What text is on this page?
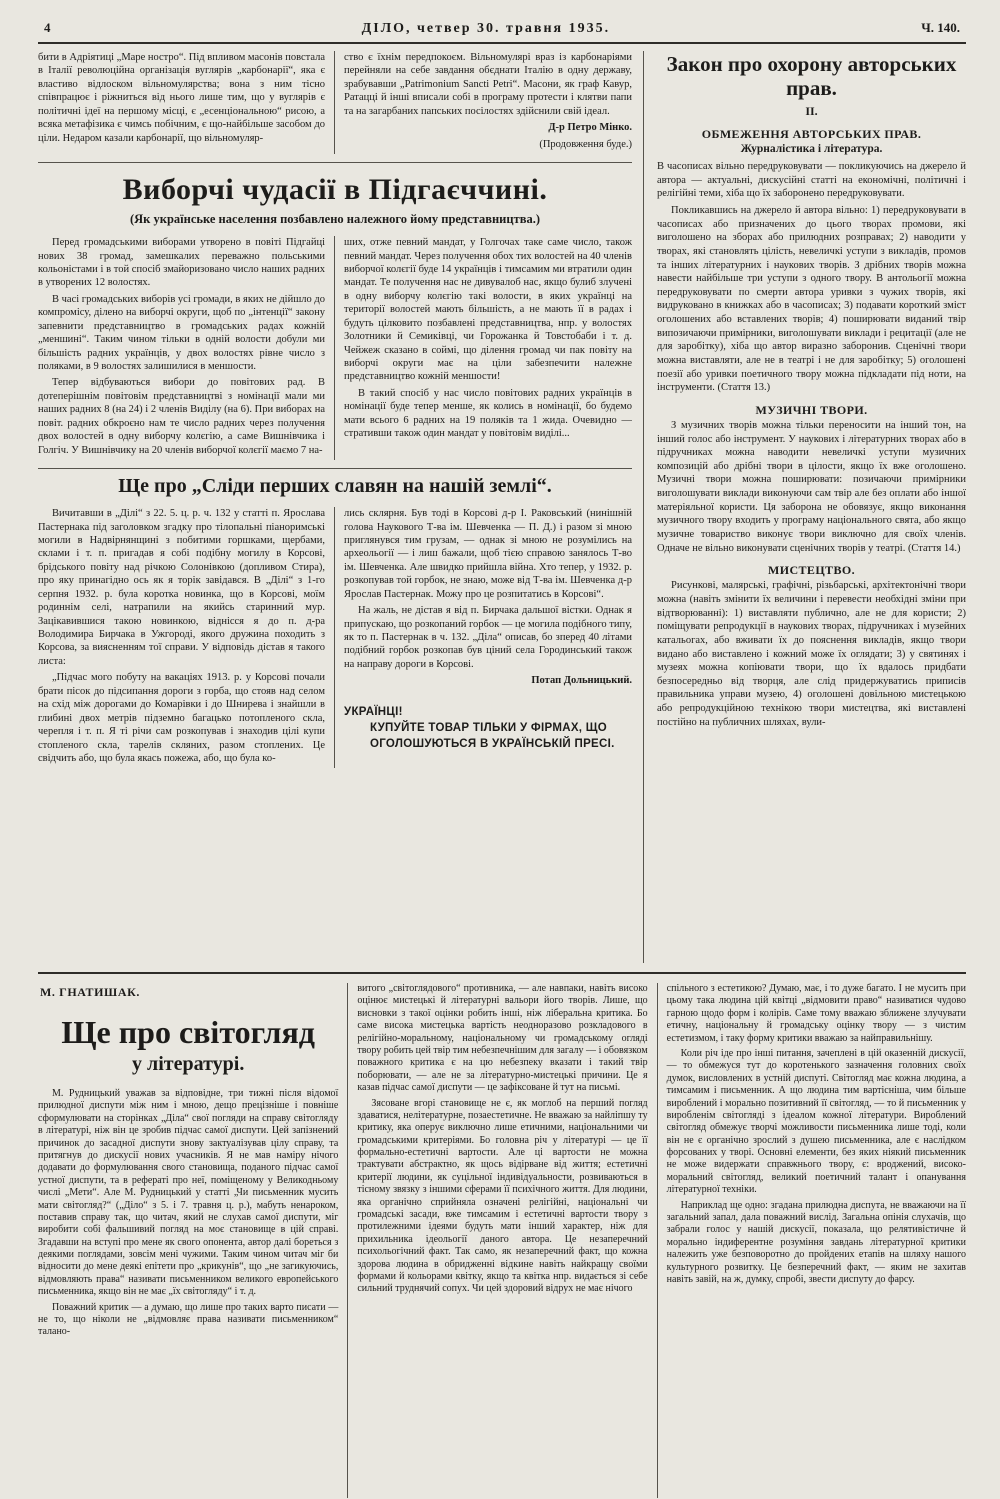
4	ДІЛО, четвер 30. травня 1935.	Ч. 140.

бити в Адріятиці „Маре ностро“. Під впливом масонів повстала в Італії революційна організація вуглярів „карбонарії“, яка є властиво відлоском вільномулярства; вона з ним тісно співпрацює і ріжниться від нього лише тим, що у вуглярів є політичні ідеї на першому місці, є „есенціональною“ рисою, а всяка метафізика є чимсь побічним, є що-найбільше засобом до ціли. Недаром казали карбонарії, що вільномуляр-

ство є їхнім передпокоєм. Вільномулярі враз із карбонаріями перейняли на себе завдання обєднати Італію в одну державу, зрабувавши „Patrimonium Sancti Petri“. Масони, як граф Кавур, Ратацці й інші вписали собі в програму протести і клятви папи та на загарбаних папських посілостях здійснили свій ідеал.

Д-р Петро Мінко.

(Продовження буде.)

Виборчі чудасії в Підгаєччині.
(Як українське населення позбавлено належного йому представництва.)

Перед громадськими виборами утворено в повіті Підгайці нових 38 громад, замешкалих переважно польськими кольоністами і в той спосіб змайоризовано число наших радних в утворених 12 волостях.

В часі громадських виборів усі громади, в яких не дійшло до компромісу, ділено на виборчі округи, щоб по „інтенції“ закону запевнити представництво в громадських радах кожній „меншині“. Таким чином тільки в одній волости добули ми більшість радних українців, у двох волостях рівне число з поляками, в 9 волостях залишилися в меншости.

Тепер відбуваються вибори до повітових рад. В дотеперішнім повітовім представництві з номінації мали ми наших радних 8 (на 24) і 2 членів Виділу (на 6). При виборах на повіт. радних обкроєно нам те число радних через получення двох волостей в одну виборчу колєгію, а саме Вишнівчика і Голгіч. У Вишнівчику на 20 членів виборчої колєгії маємо 7 на-

ших, отже певний мандат, у Голгочах таке саме число, також певний мандат. Через получення обох тих волостей на 40 членів виборчої колєгії буде 14 українців і тимсамим ми втратили один мандат. Те получення нас не дивувалоб нас, якщо булиб злучені в одну виборчу колєгію такі волости, в яких українці на території волостей мають більшість, а не мають її в радах і будуть цілковито позбавлені представництва, нпр. у волостях Золотники й Семиківці, чи Горожанка й Товстобаби і т. д. Чейжеж сказано в соймі, що ділення громад чи пак повіту на виборчі округи має на ціли забезпечити належне представництво кожній меншости!

В такий спосіб у нас число повітових радних українців в номінації буде тепер менше, як колись в номінації, бо будемо мати всього 6 радних на 19 поляків та 1 жида. Очевидно — стративши також один мандат у повітовім виділі...

Ще про „Сліди перших славян на нашій землі“.

Вичитавши в „Ділі“ з 22. 5. ц. р. ч. 132 у статті п. Ярослава Пастернака під заголовком згадку про тілопальні піаноримські могили в Надвірнянщині з побитими горшками, щербами, склами і т. п. пригадав я собі подібну могилу в Корсові, брідського повіту над річкою Солонівкою (допливом Стира), про яку принагідно ось як я торік завідався. В „Ділі“ з 1-го серпня 1932. р. була коротка новинка, що в Корсові, моїм родиннім селі, натрапили на якийсь старинний мур. Зацікавившися такою новинкою, віднісся я до п. д-ра Володимира Бирчака в Ужгороді, якого дружина походить з Корсова, за виясненням тої справи. У відповідь дістав я такого листа:

„Підчас мого побуту на вакаціях 1913. р. у Корсові почали брати пісок до підсипання дороги з горба, що стояв над селом на схід між дорогами до Комарівки і до Шнирева і знайшли в глибині двох метрів підземно багацько потопленого скла, черепля і т. п. Я ті річи сам розкопував і знаходив цілі купи стопленого скла, тарелів скляних, разом стоплених. Це свідчить або, що була якась пожежа, або, що була ко-

лись склярня. Був тоді в Корсові д-р І. Раковський (нинішній голова Наукового Т-ва ім. Шевченка — П. Д.) і разом зі мною приглянувся тим грузам, — однак зі мною не розумілись на археольогії — і лиш бажали, щоб тією справою занялось Т-во ім. Шевченка. Але швидко прийшла війна. Хто тепер, у 1932. р. розкопував той горбок, не знаю, може від Т-ва ім. Шевченка д-р Ярослав Пастернак. Можу про це розпитатись в Корсові“.

На жаль, не дістав я від п. Бирчака дальшої вістки. Однак я припускаю, що розкопаний горбок — це могила подібного типу, як то п. Пастернак в ч. 132. „Діла“ описав, бо зперед 40 літами подібний горбок розкопав був ціний села Городинський також на направу дороги в Корсові.

Потап Дольницький.

УКРАЇНЦІ!
КУПУЙТЕ ТОВАР ТІЛЬКИ У ФІРМАХ, ЩО ОГОЛОШУЮТЬСЯ В УКРАЇНСЬКІЙ ПРЕСІ.
Закон про охорону авторських прав.
ІІ.
ОБМЕЖЕННЯ АВТОРСЬКИХ ПРАВ.
Журналістика і література.

В часописах вільно передруковувати — покликуючись на джерело й автора — актуальні, дискусійні статті на економічні, політичні і релігійні теми, хіба що їх заборонено передруковувати.

Покликавшись на джерело й автора вільно: 1) передруковувати в часописах або призначених до цього творах промови, які виголошено на зборах або прилюдних розправах; 2) наводити у творах, які становлять цілість, невеличкі уступи з викладів, промов та інших літературних і наукових творів. З дрібних творів можна навести найбільше три уступи з одного твору. В антольогії можна передруковувати по смерти автора уривки з чужих творів, які видруковано в книжках або в часописах; 3) подавати короткий зміст оголошених або вставлених творів; 4) поширювати виданий твір випозичаючи примірники, виголошувати виклади і рецитації (але не для заробітку), хіба що автор виразно заборонив. Сценічні твори можна виставляти, але не в театрі і не для заробітку; 5) оголошені поезії або уривки поетичного твору можна підкладати під ноти, на інструменти. (Стаття 13.)

МУЗИЧНІ ТВОРИ.

З музичних творів можна тільки переносити на інший тон, на інший голос або інструмент. У наукових і літературних творах або в підручниках можна наводити невеличкі уступи музичних композицій або дрібні твори в цілости, якщо їх вже оголошено. Музичні твори можна поширювати: позичаючи примірники виголошувати виклади виконуючи сам твір але без оплати або іншої матеріяльної користи. Ця заборона не обовязує, якщо виконання музичного твору входить у програму національного свята, або якщо музичне товариство виконує твори виключно для своїх членів. Одначе не вільно виконувати сценічних творів у театрі. (Стаття 14.)

МИСТЕЦТВО.

Рисункові, малярські, графічні, різьбарські, архітектонічні твори можна (навіть змінити їх величини і перевести необхідні зміни при відтворюванні): 1) виставляти публично, але не для користи; 2) поміщувати репродукції в наукових творах, підручниках і музейних катальогах, або вживати їх до пояснення викладів, якщо твори видано або виставлено і кожний може їх оглядати; 3) у святинях і музеях можна копіювати твори, що їх вдалось придбати безпосередньо від творця, але слід придержуватись приписів правильника управи музею, 4) оголошені довільною мистецькою або репродукційною технікою твори мистецтва, які виставлені постійно на публичних шляхах, вули-

М. ГНАТИШАК.
Ще про світогляд
у літературі.

М. Рудницький уважав за відповідне, три тижні після відомої прилюдної диспути між ним і мною, дещо прецізніше і повніше сформулювати на сторінках „Діла“ свої погляди на справу світогляду в літературі, ніж він це зробив підчас самої диспути. Цей запізнений причинок до засадної диспути знову зактуалізував цілу справу, та притягнув до дискусії нових учасників. Я не мав наміру нічого додавати до формулювання свого становища, поданого підчас самої устної диспути, та в рефераті про неї, поміщеному у Великодньому числі „Мети“. Але М. Рудницький у статті „Чи письменник мусить мати світогляд?“ („Діло“ з 5. і 7. травня ц. р.), мабуть ненароком, поставив справу так, що читач, який не слухав самої диспути, міг виробити собі фальшивий погляд на моє становище в цій справі. Згадавши на вступі про мене як свого опонента, автор далі бореться з деякими поглядами, зовсім мені чужими. Таким чином читач міг би відносити до мене деякі епітети про „крикунів“, що „не загикуючись, відмовляють права“ називати письменником великого европейського письменника, якщо він не має „їх світогляду“ і т. д.

Поважний критик — а думаю, що лише про таких варто писати — не то, що ніколи не „відмовляє права називати письменником“ талано-

витого „світоглядового“ противника, — але навпаки, навіть високо оцінює мистецькі й літературні вальори його творів. Лише, що висновки з такої оцінки робить інші, ніж ліберальна критика. Бо саме висока мистецька вартість неодноразово розкладового в релігійно-моральному, національному чи громадському огляді твору робить цей твір тим небезпечнішим для загалу — і обовязком поважного критика є на цю небезпеку вказати і такий твір поборювати, — але не за літературно-мистецькі причини. Це я казав підчас самої диспути — це зафіксоване й тут на письмі.

Зясоване вгорі становище не є, як моглоб на перший погляд здаватися, нелітературне, позаестетичне. Не вважаю за найліпшу ту критику, яка оперує виключно лише етичними, національними чи громадськими критеріями. Бо головна річ у літературі — це її формально-естетичні вартости. Але ці вартости не можна трактувати абстрактно, як щось відірване від життя; естетичні критерії людини, як суцільної індивідуальности, розвиваються в тісному звязку з іншими сферами її психічного життя. Для людини, яка органічно сприйняла означені релігійні, національні чи громадські засади, вже тимсамим і естетичні вартости твору з протилежними ідеями будуть мати інший характер, ніж для прихильника ідеольогії даного автора. Це незаперечний психольогічний факт. Так само, як незаперечний факт, що кожна здорова людина в обридженні відкине навіть найкращу своїми формами й кольорами квітку, якщо та квітка нпр. видається зі себе сильний труднячий сопух. Чи цей здоровий відрух не має нічого

спільного з естетикою? Думаю, має, і то дуже багато. І не мусить при цьому така людина цій квітці „відмовити право“ називатися чудово гарною щодо форм і колірів. Саме тому вважаю зближене злучувати етичну, національну й громадську оцінку твору — з чистим естетизмом, і таку форму критики вважаю за найправильнішу.

Коли річ іде про інші питання, зачеплені в цій оказенній дискусії, — то обмежуся тут до коротенького зазначення головних своїх думок, висловлених в устній диспуті. Світогляд має кожна людина, а тимсамим і письменник. А що людина тим вартісніша, чим більше вироблений і морально позитивний її світогляд, — то й письменник у виробленім світогляді з ідеалом кожної літератури. Вироблений світогляд обмежує творчі можливости письменника лише тоді, коли він не є органічно зрослий з душею письменника, але є наслідком форсованих у творі. Основні елементи, без яких ніякий письменник не може видержати справжнього твору, є: вроджений, високо-моральний світогляд, великий поетичний талант і опанування літературної техніки.

Наприклад ще одно: згадана прилюдна диспута, не вважаючи на її загальний запал, дала поважний вислід. Загальна опінія слухачів, що забрали голос у нашій дискусії, показала, що релятивістичне й морально індиферентне розуміння завдань літературної критики належить уже безповоротно до пройдених етапів на шляху нашого культурного розвитку. Це безперечний факт, — яким не захитав навіть завій, на ж, думку, спробі, звести диспуту до фарсу.
